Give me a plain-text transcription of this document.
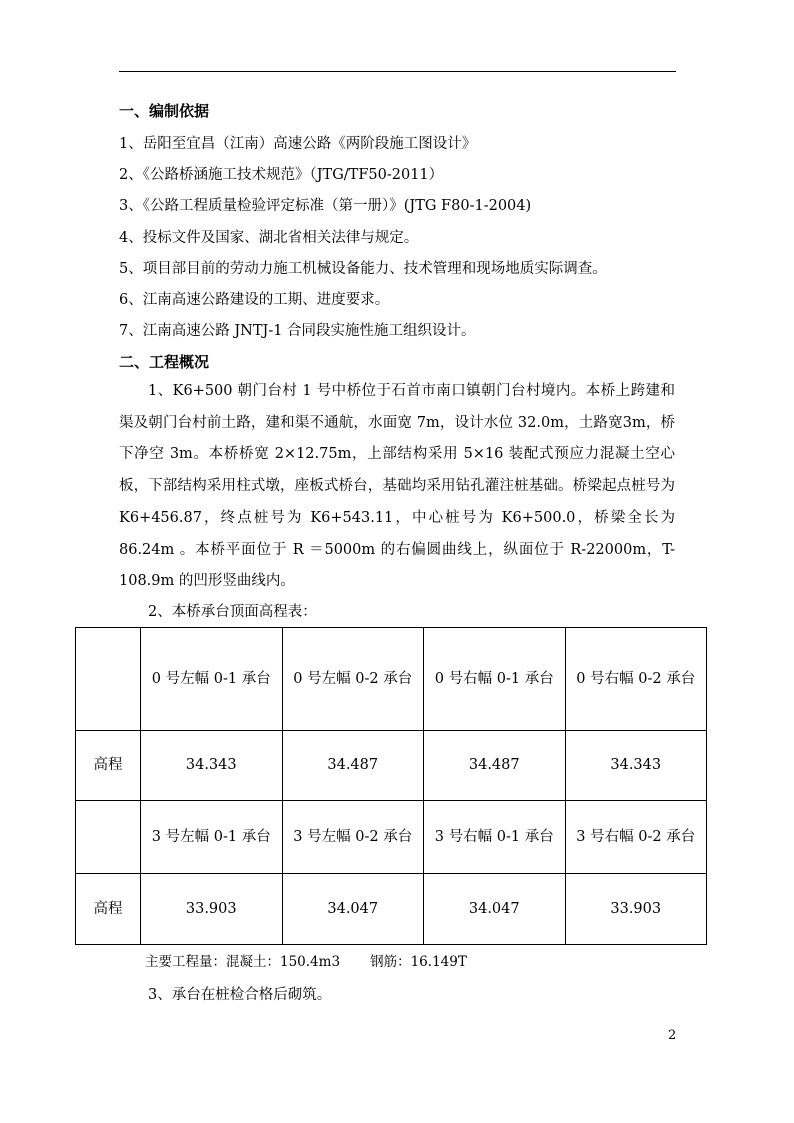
一、编制依据
1、岳阳至宜昌（江南）高速公路《两阶段施工图设计》
2、《公路桥涵施工技术规范》（JTG/TF50-2011）
3、《公路工程质量检验评定标准（第一册）》(JTG F80-1-2004)
4、投标文件及国家、湖北省相关法律与规定。
5、项目部目前的劳动力施工机械设备能力、技术管理和现场地质实际调查。
6、江南高速公路建设的工期、进度要求。
7、江南高速公路 JNTJ-1 合同段实施性施工组织设计。
二、工程概况
1、K6+500 朝门台村 1 号中桥位于石首市南口镇朝门台村境内。本桥上跨建和渠及朝门台村前土路，建和渠不通航，水面宽 7m，设计水位 32.0m，土路宽3m，桥下净空 3m。本桥桥宽 2×12.75m，上部结构采用 5×16 装配式预应力混凝土空心板，下部结构采用柱式墩，座板式桥台，基础均采用钻孔灌注桩基础。桥梁起点桩号为 K6+456.87，终点桩号为 K6+543.11，中心桩号为 K6+500.0，桥梁全长为 86.24m 。本桥平面位于 R ＝5000m 的右偏圆曲线上，纵面位于 R-22000m，T- 108.9m 的凹形竖曲线内。
2、本桥承台顶面高程表：
	0 号左幅 0-1 承台	0 号左幅 0-2 承台	0 号右幅 0-1 承台	0 号右幅 0-2 承台
高程	34.343	34.487	34.487	34.343
	3 号左幅 0-1 承台	3 号左幅 0-2 承台	3 号右幅 0-1 承台	3 号右幅 0-2 承台
高程	33.903	34.047	34.047	33.903
主要工程量：混凝土：150.4m3 钢筋：16.149T
3、承台在桩检合格后砌筑。
2
